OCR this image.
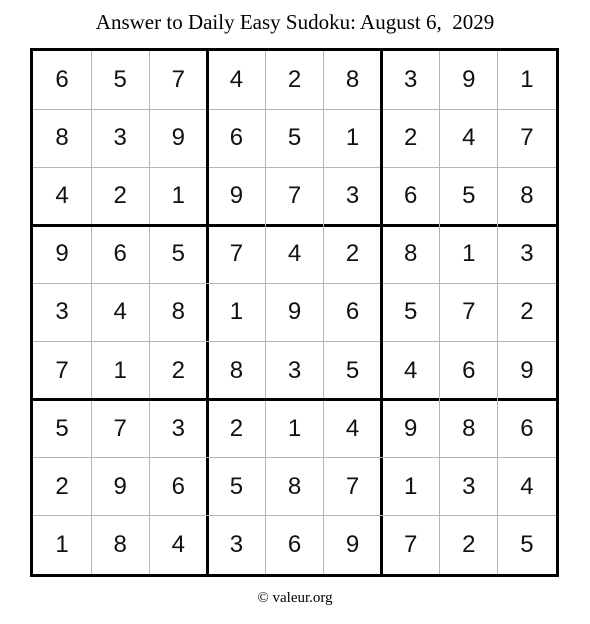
Answer to Daily Easy Sudoku: August 6,  2029
6	5	7	4	2	8	3	9	1
8	3	9	6	5	1	2	4	7
4	2	1	9	7	3	6	5	8
9	6	5	7	4	2	8	1	3
3	4	8	1	9	6	5	7	2
7	1	2	8	3	5	4	6	9
5	7	3	2	1	4	9	8	6
2	9	6	5	8	7	1	3	4
1	8	4	3	6	9	7	2	5
© valeur.org
